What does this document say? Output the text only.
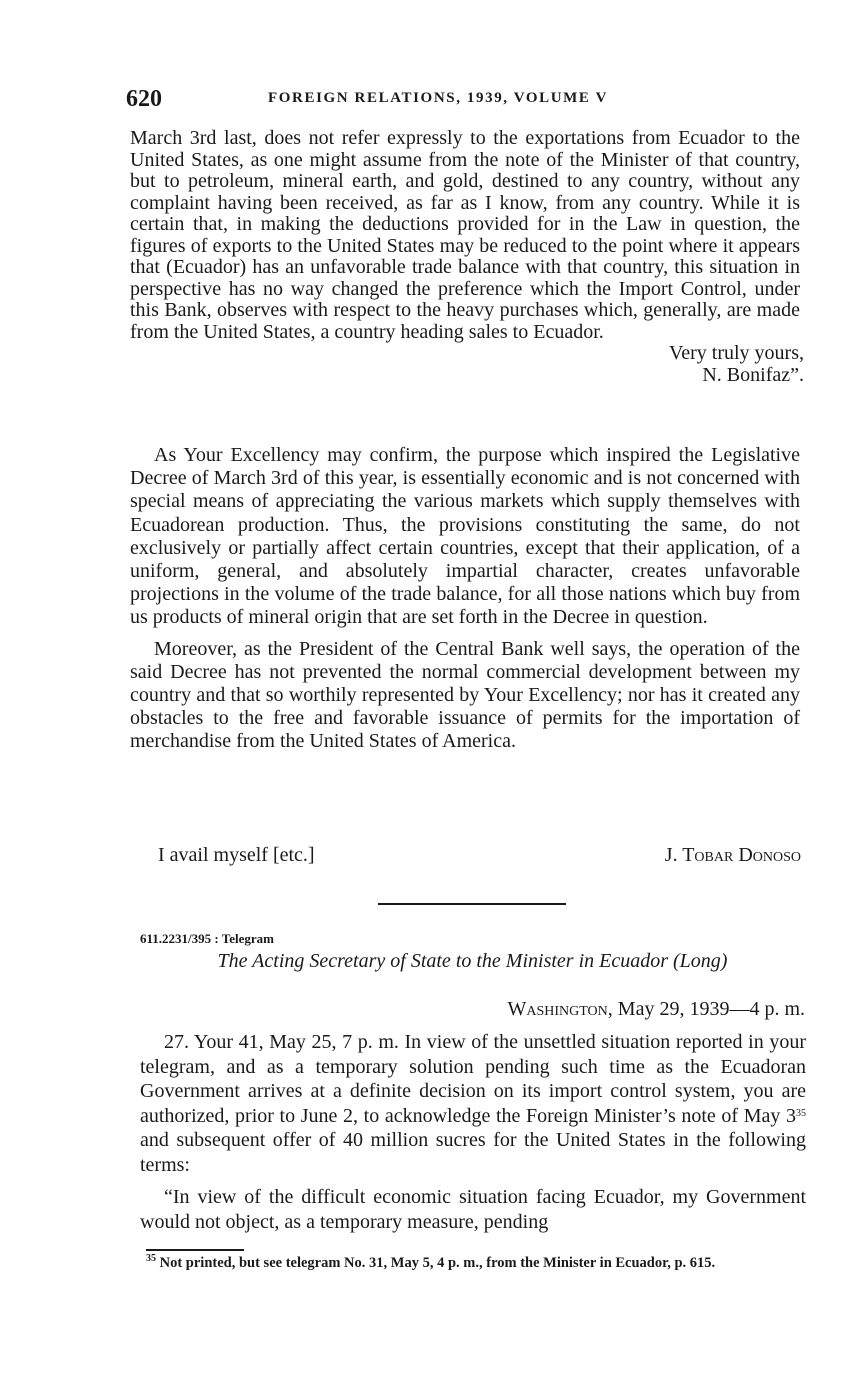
620	FOREIGN RELATIONS, 1939, VOLUME V

March 3rd last, does not refer expressly to the exportations from Ecuador to the United States, as one might assume from the note of the Minister of that country, but to petroleum, mineral earth, and gold, destined to any country, without any complaint having been received, as far as I know, from any country. While it is certain that, in making the deductions provided for in the Law in question, the figures of exports to the United States may be reduced to the point where it appears that (Ecuador) has an unfavorable trade balance with that country, this situation in perspective has no way changed the preference which the Import Control, under this Bank, observes with respect to the heavy purchases which, generally, are made from the United States, a country heading sales to Ecuador.

Very truly yours,

N. Bonifaz”.

As Your Excellency may confirm, the purpose which inspired the Legislative Decree of March 3rd of this year, is essentially economic and is not concerned with special means of appreciating the various markets which supply themselves with Ecuadorean production. Thus, the provisions constituting the same, do not exclusively or partially affect certain countries, except that their application, of a uniform, general, and absolutely impartial character, creates unfavorable projections in the volume of the trade balance, for all those nations which buy from us products of mineral origin that are set forth in the Decree in question.

Moreover, as the President of the Central Bank well says, the operation of the said Decree has not prevented the normal commercial development between my country and that so worthily represented by Your Excellency; nor has it created any obstacles to the free and favorable issuance of permits for the importation of merchandise from the United States of America.

I avail myself [etc.]	J. Tobar Donoso
611.2231/395 : Telegram
The Acting Secretary of State to the Minister in Ecuador (Long)
Washington, May 29, 1939—4 p. m.

27. Your 41, May 25, 7 p. m. In view of the unsettled situation reported in your telegram, and as a temporary solution pending such time as the Ecuadoran Government arrives at a definite decision on its import control system, you are authorized, prior to June 2, to acknowledge the Foreign Minister’s note of May $3^{35}$ and subsequent offer of 40 million sucres for the United States in the following terms:

“In view of the difficult economic situation facing Ecuador, my Government would not object, as a temporary measure, pending

$^{35}$ Not printed, but see telegram No. 31, May 5, 4 p. m., from the Minister in Ecuador, p. 615.
